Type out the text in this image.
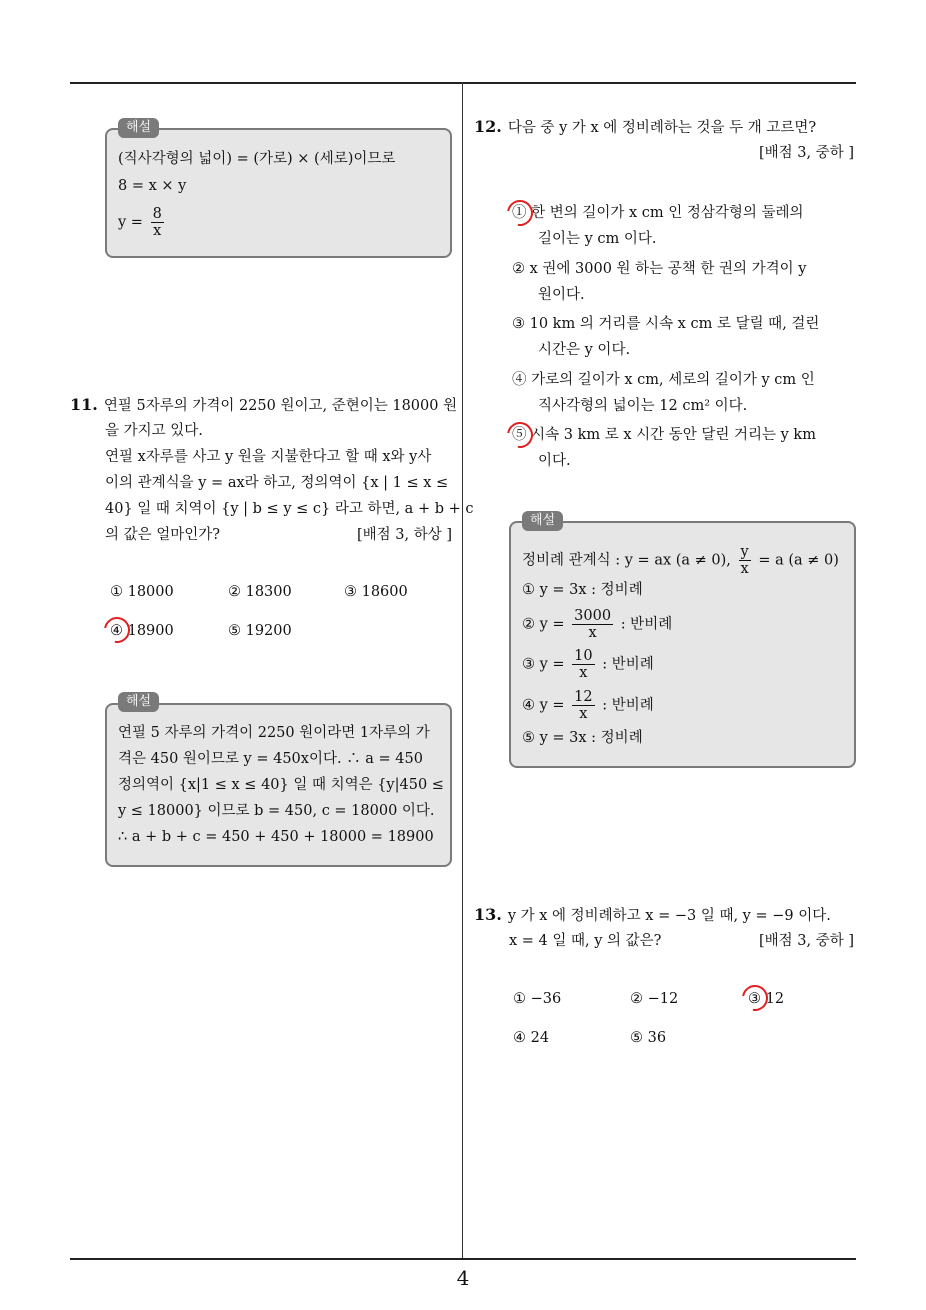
해설
(직사각형의 넓이) = (가로) × (세로)이므로
8 = x × y
$y = \frac{8}{x}$
11. 연필 5자루의 가격이 2250 원이고, 준현이는 18000 원
을 가지고 있다.
연필 x자루를 사고 y 원을 지불한다고 할 때 x와 y사
이의 관계식을 y = ax라 하고, 정의역이 {x | 1 ≤ x ≤
40} 일 때 치역이 {y | b ≤ y ≤ c} 라고 하면, a + b + c
의 값은 얼마인가?	[배점 3, 하상 ]
① 18000	② 18300	③ 18600
④ 18900	⑤ 19200
해설
연필 5 자루의 가격이 2250 원이라면 1자루의 가
격은 450 원이므로 y = 450x이다. ∴ a = 450
정의역이 {x|1 ≤ x ≤ 40} 일 때 치역은 {y|450 ≤
y ≤ 18000} 이므로 b = 450, c = 18000 이다.
∴ a + b + c = 450 + 450 + 18000 = 18900
12. 다음 중 y 가 x 에 정비례하는 것을 두 개 고르면?
[배점 3, 중하 ]
① 한 변의 길이가 x cm 인 정삼각형의 둘레의
길이는 y cm 이다.
② x 권에 3000 원 하는 공책 한 권의 가격이 y
원이다.
③ 10 km 의 거리를 시속 x cm 로 달릴 때, 걸린
시간은 y 이다.
④ 가로의 길이가 x cm, 세로의 길이가 y cm 인
직사각형의 넓이는 12 cm² 이다.
⑤ 시속 3 km 로 x 시간 동안 달린 거리는 y km
이다.
해설
정비례 관계식 : y = ax (a ≠ 0), $\frac{y}{x} = a$ (a ≠ 0)
① y = 3x : 정비례
② $y = \frac{3000}{x}$ : 반비례
③ $y = \frac{10}{x}$ : 반비례
④ $y = \frac{12}{x}$ : 반비례
⑤ y = 3x : 정비례
13. y 가 x 에 정비례하고 x = −3 일 때, y = −9 이다.
x = 4 일 때, y 의 값은?	[배점 3, 중하 ]
① −36	② −12	③ 12
④ 24	⑤ 36
4
